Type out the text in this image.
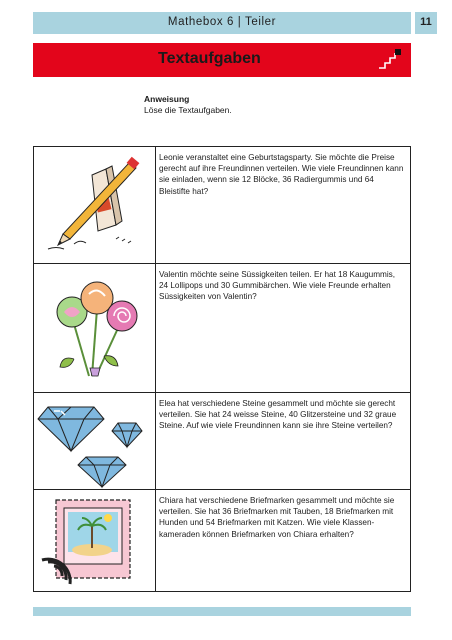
Mathebox 6 | Teiler	11
Textaufgaben
Anweisung
Löse die Textaufgaben.
Leonie veranstaltet eine Geburtstagsparty. Sie möchte die Preise gerecht auf ihre Freundinnen verteilen. Wie viele Freundinnen kann sie einladen, wenn sie 12 Blöcke, 36 Radiergummis und 64 Bleistifte hat?
Valentin möchte seine Süssigkeiten teilen. Er hat 18 Kaugummis, 24 Lollipops und 30 Gummibärchen. Wie viele Freunde erhalten Süssigkeiten von Valentin?
Elea hat verschiedene Steine gesammelt und möchte sie gerecht verteilen. Sie hat 24 weisse Steine, 40 Glitzersteine und 32 graue Steine. Auf wie viele Freundinnen kann sie ihre Steine verteilen?
Chiara hat verschiedene Briefmarken gesammelt und möchte sie verteilen. Sie hat 36 Briefmarken mit Tauben, 18 Briefmarken mit Hunden und 54 Briefmarken mit Katzen. Wie viele Klassen-kameraden können Briefmarken von Chiara erhalten?
